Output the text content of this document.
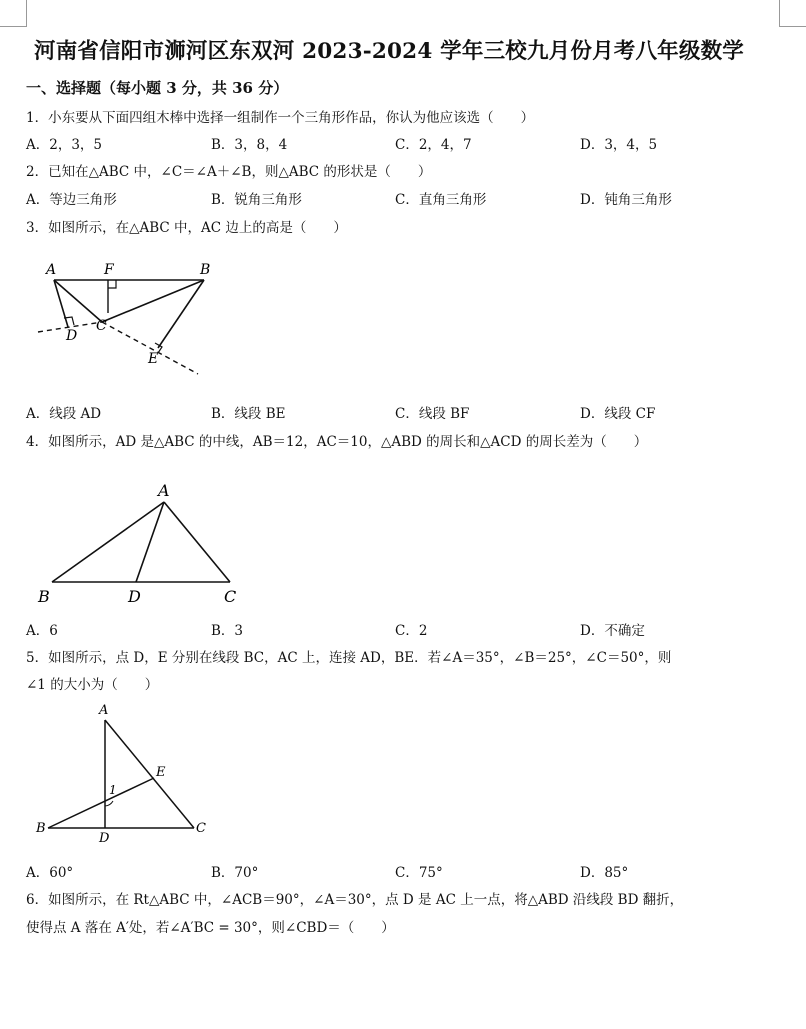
河南省信阳市浉河区东双河 2023-2024 学年三校九月份月考八年级数学
一、选择题（每小题 3 分，共 36 分）
1．小东要从下面四组木棒中选择一组制作一个三角形作品，你认为他应该选（　　）
A．2，3，5	B．3，8，4	C．2，4，7	D．3，4，5
2．已知在△ABC 中，∠C＝∠A＋∠B，则△ABC 的形状是（　　）
A．等边三角形	B．锐角三角形	C．直角三角形	D．钝角三角形
3．如图所示，在△ABC 中，AC 边上的高是（　　）
A	F	B
D
C
E
A．线段 AD	B．线段 BE	C．线段 BF	D．线段 CF
4．如图所示，AD 是△ABC 的中线，AB＝12，AC＝10，△ABD 的周长和△ACD 的周长差为（　　）
A
B	D	C
A．6	B．3	C．2	D．不确定
5．如图所示，点 D，E 分别在线段 BC，AC 上，连接 AD，BE．若∠A＝35°，∠B＝25°，∠C＝50°，则
∠1 的大小为（　　）
A
E
1
B
D
C
A．60°	B．70°	C．75°	D．85°
6．如图所示，在 Rt△ABC 中，∠ACB＝90°，∠A＝30°，点 D 是 AC 上一点，将△ABD 沿线段 BD 翻折，
使得点 A 落在 A′处，若∠A′BC = 30°，则∠CBD＝（　　）
